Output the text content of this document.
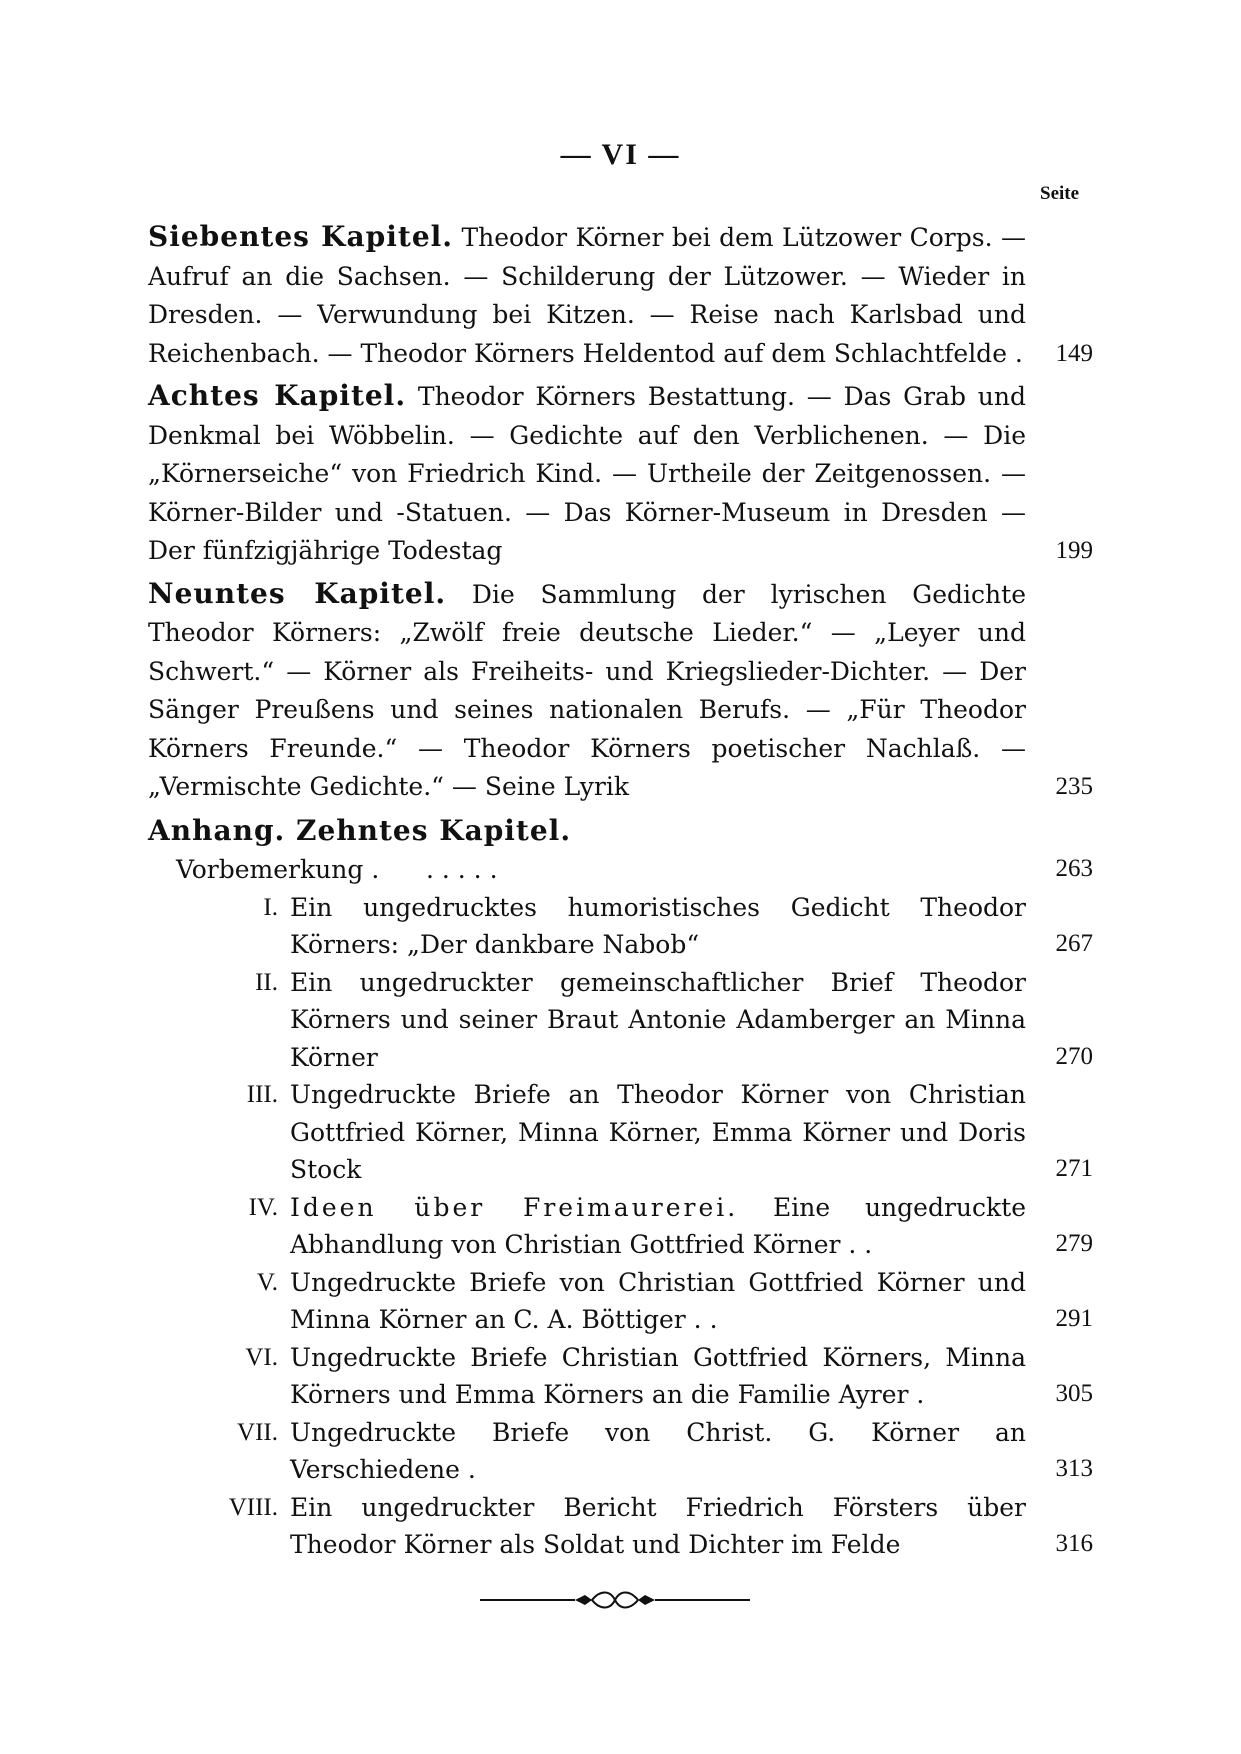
— VI —
Seite
Siebentes Kapitel. Theodor Körner bei dem Lützower Corps. — Aufruf an die Sachsen. — Schilderung der Lützower. — Wieder in Dresden. — Verwundung bei Kitzen. — Reise nach Karlsbad und Reichenbach. — Theodor Körners Heldentod auf dem Schlachtfelde .	149
Achtes Kapitel. Theodor Körners Bestattung. — Das Grab und Denkmal bei Wöbbelin. — Gedichte auf den Verblichenen. — Die „Körnerseiche“ von Friedrich Kind. — Urtheile der Zeitgenossen. — Körner-Bilder und -Statuen. — Das Körner-Museum in Dresden — Der fünfzigjährige Todestag	199
Neuntes Kapitel. Die Sammlung der lyrischen Gedichte Theodor Körners: „Zwölf freie deutsche Lieder.“ — „Leyer und Schwert.“ — Körner als Freiheits- und Kriegslieder-Dichter. — Der Sänger Preußens und seines nationalen Berufs. — „Für Theodor Körners Freunde.“ — Theodor Körners poetischer Nachlaß. — „Vermischte Gedichte.“ — Seine Lyrik	235
Anhang. Zehntes Kapitel.
Vorbemerkung . . . . . .	263
I. Ein ungedrucktes humoristisches Gedicht Theodor Körners: „Der dankbare Nabob“	267
II. Ein ungedruckter gemeinschaftlicher Brief Theodor Körners und seiner Braut Antonie Adamberger an Minna Körner	270
III. Ungedruckte Briefe an Theodor Körner von Christian Gottfried Körner, Minna Körner, Emma Körner und Doris Stock	271
IV. Ideen über Freimaurerei. Eine ungedruckte Abhandlung von Christian Gottfried Körner . .	279
V. Ungedruckte Briefe von Christian Gottfried Körner und Minna Körner an C. A. Böttiger . .	291
VI. Ungedruckte Briefe Christian Gottfried Körners, Minna Körners und Emma Körners an die Familie Ayrer .	305
VII. Ungedruckte Briefe von Christ. G. Körner an Verschiedene .	313
VIII. Ein ungedruckter Bericht Friedrich Försters über Theodor Körner als Soldat und Dichter im Felde	316
